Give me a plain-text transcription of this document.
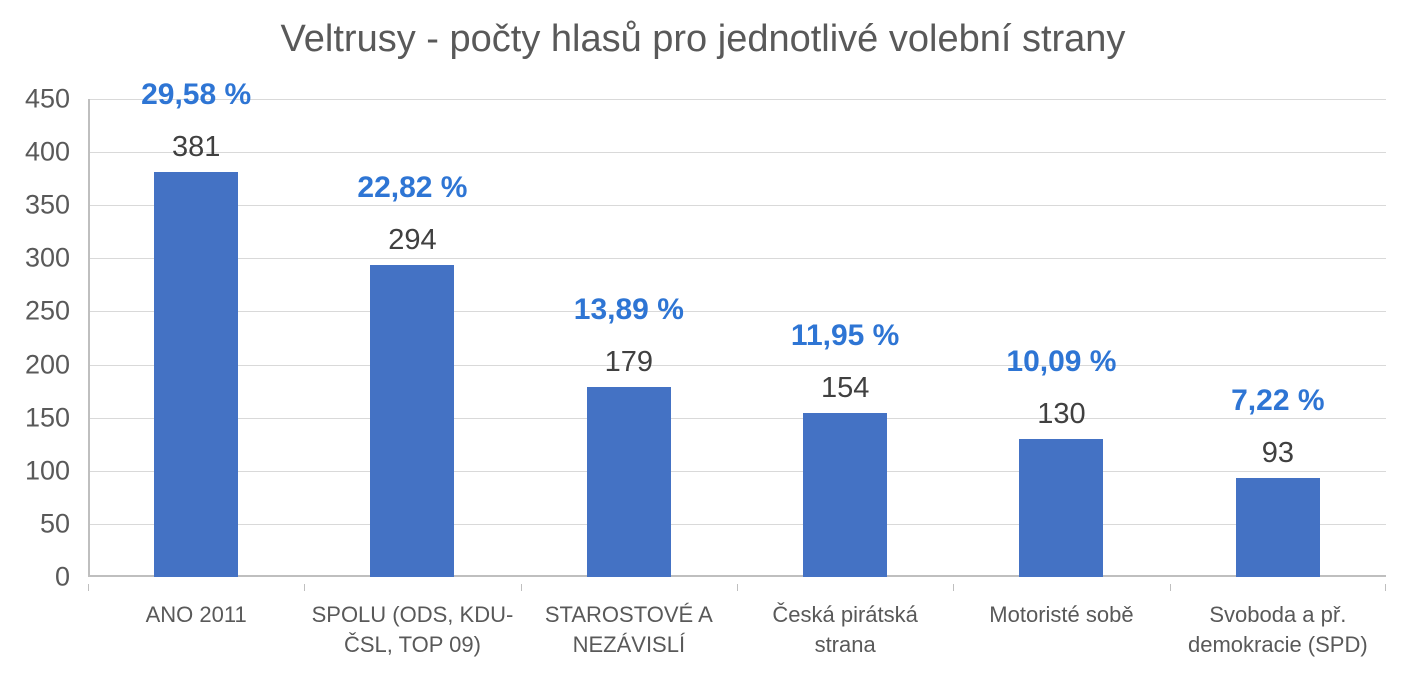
Veltrusy - počty hlasů pro jednotlivé volební strany
0
50
100
150
200
250
300
350
400
450 29,58 %
381
22,82 %
294
13,89 %
179
11,95 %
154
10,09 %
130	7,22 %
93
ANO 2011	SPOLU (ODS, KDU-
ČSL, TOP 09)
STAROSTOVÉ A
NEZÁVISLÍ
Česká pirátská
strana
Motoristé sobě	Svoboda a př.
demokracie (SPD)
